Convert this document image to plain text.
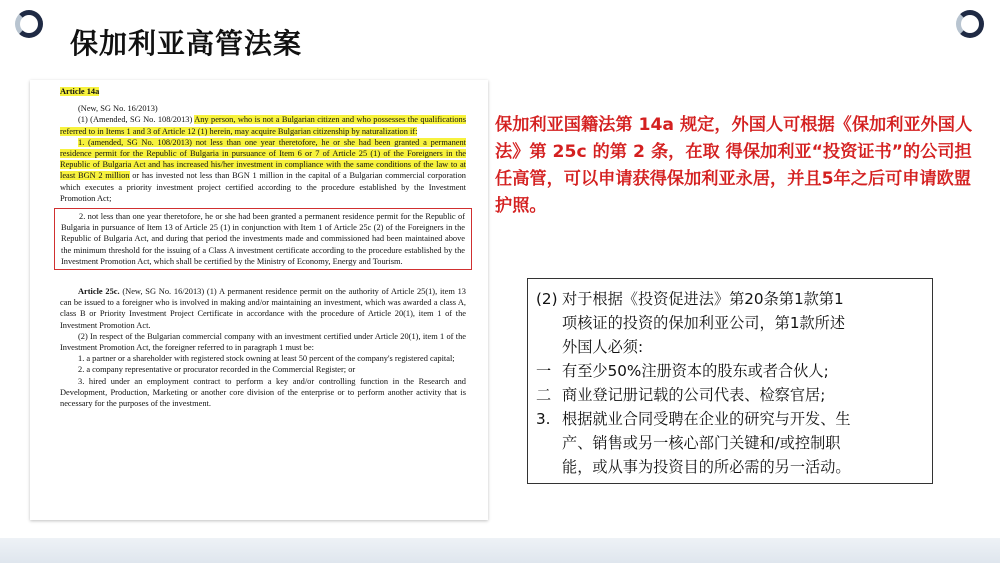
保加利亚高管法案

Article 14a

(New, SG No. 16/2013)

(1) (Amended, SG No. 108/2013) Any person, who is not a Bulgarian citizen and who possesses the qualifications referred to in Items 1 and 3 of Article 12 (1) herein, may acquire Bulgarian citizenship by naturalization if:

1. (amended, SG No. 108/2013) not less than one year theretofore, he or she had been granted a permanent residence permit for the Republic of Bulgaria in pursuance of Item 6 or 7 of Article 25 (1) of the Foreigners in the Republic of Bulgaria Act and has increased his/her investment in compliance with the same conditions of the law to at least BGN 2 million or has invested not less than BGN 1 million in the capital of a Bulgarian commercial corporation which executes a priority investment project certified according to the procedure established by the Investment Promotion Act;

2. not less than one year theretofore, he or she had been granted a permanent residence permit for the Republic of Bulgaria in pursuance of Item 13 of Article 25 (1) in conjunction with Item 1 of Article 25c (2) of the Foreigners in the Republic of Bulgaria Act, and during that period the investments made and commissioned had been maintained above the minimum threshold for the issuing of a Class A investment certificate according to the procedure established by the Investment Promotion Act, which shall be certified by the Ministry of Economy, Energy and Tourism.

Article 25c. (New, SG No. 16/2013) (1) A permanent residence permit on the authority of Article 25(1), item 13 can be issued to a foreigner who is involved in making and/or maintaining an investment, which was awarded a class A, class B or Priority Investment Project Certificate in accordance with the procedure of Article 20(1), item 1 of the Investment Promotion Act.

(2) In respect of the Bulgarian commercial company with an investment certified under Article 20(1), item 1 of the Investment Promotion Act, the foreigner referred to in paragraph 1 must be:

1. a partner or a shareholder with registered stock owning at least 50 percent of the company's registered capital;

2. a company representative or procurator recorded in the Commercial Register; or

3. hired under an employment contract to perform a key and/or controlling function in the Research and Development, Production, Marketing or another core division of the enterprise or to perform another activity that is necessary for the purposes of the investment.

保加利亚国籍法第 14a 规定，外国人可根据《保加利亚外国人法》第 25c 的第 2 条，在取 得保加利亚“投资证书”的公司担任高管，可以申请获得保加利亚永居，并且5年之后可申请欧盟护照。
(2) 对于根据《投资促进法》第20条第1款第1
项核证的投资的保加利亚公司，第1款所述
外国人必须:
一 有至少50%注册资本的股东或者合伙人;
二 商业登记册记载的公司代表、检察官居;
3. 根据就业合同受聘在企业的研究与开发、生
产、销售或另一核心部门关键和/或控制职
能，或从事为投资目的所必需的另一活动。
